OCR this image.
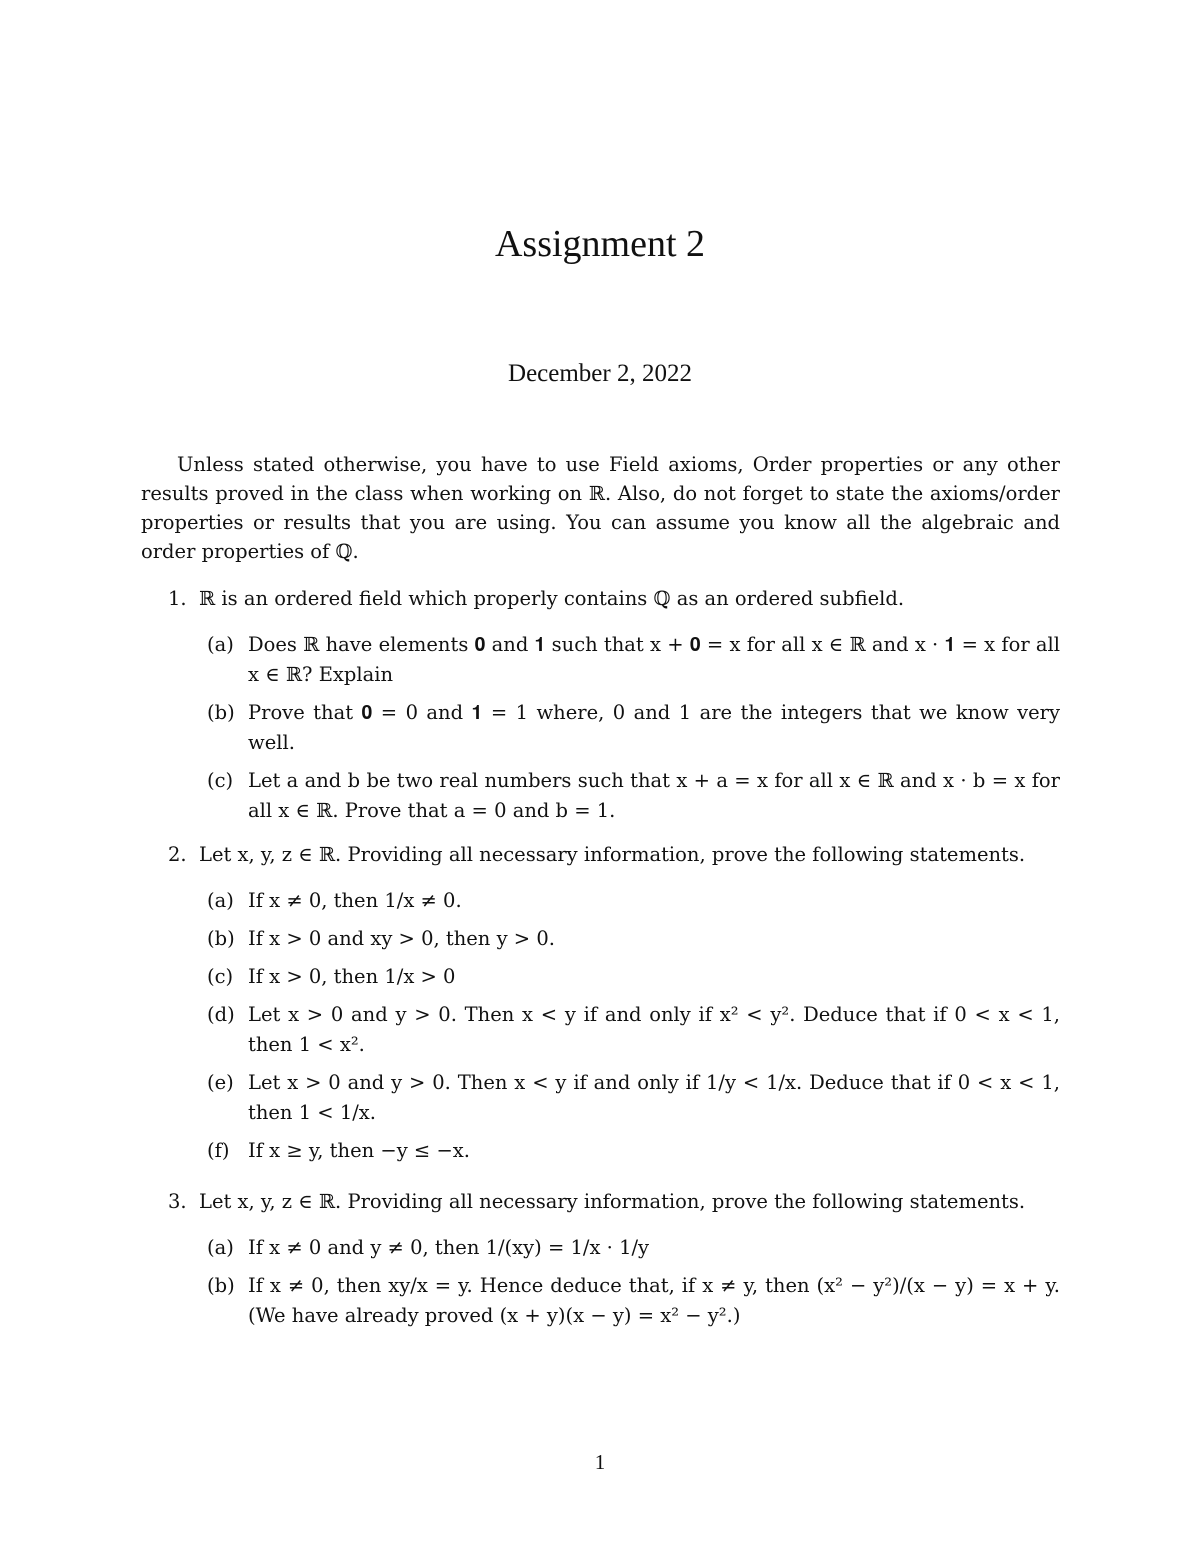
Assignment 2
December 2, 2022

Unless stated otherwise, you have to use Field axioms, Order properties or any other results proved in the class when working on ℝ. Also, do not forget to state the axioms/order properties or results that you are using. You can assume you know all the algebraic and order properties of ℚ.

1. ℝ is an ordered field which properly contains ℚ as an ordered subfield.
(a) Does ℝ have elements 𝟎 and 𝟏 such that x + 𝟎 = x for all x ∈ ℝ and x · 𝟏 = x for all x ∈ ℝ? Explain
(b) Prove that 𝟎 = 0 and 𝟏 = 1 where, 0 and 1 are the integers that we know very well.
(c) Let a and b be two real numbers such that x + a = x for all x ∈ ℝ and x · b = x for all x ∈ ℝ. Prove that a = 0 and b = 1.
2. Let x, y, z ∈ ℝ. Providing all necessary information, prove the following statements.
(a) If x ≠ 0, then 1/x ≠ 0.
(b) If x > 0 and xy > 0, then y > 0.
(c) If x > 0, then 1/x > 0
(d) Let x > 0 and y > 0. Then x < y if and only if x² < y². Deduce that if 0 < x < 1, then 1 < x².
(e) Let x > 0 and y > 0. Then x < y if and only if 1/y < 1/x. Deduce that if 0 < x < 1, then 1 < 1/x.
(f) If x ≥ y, then −y ≤ −x.
3. Let x, y, z ∈ ℝ. Providing all necessary information, prove the following statements.
(a) If x ≠ 0 and y ≠ 0, then 1/(xy) = 1/x · 1/y
(b) If x ≠ 0, then xy/x = y. Hence deduce that, if x ≠ y, then (x² − y²)/(x − y) = x + y. (We have already proved (x + y)(x − y) = x² − y².)
1
